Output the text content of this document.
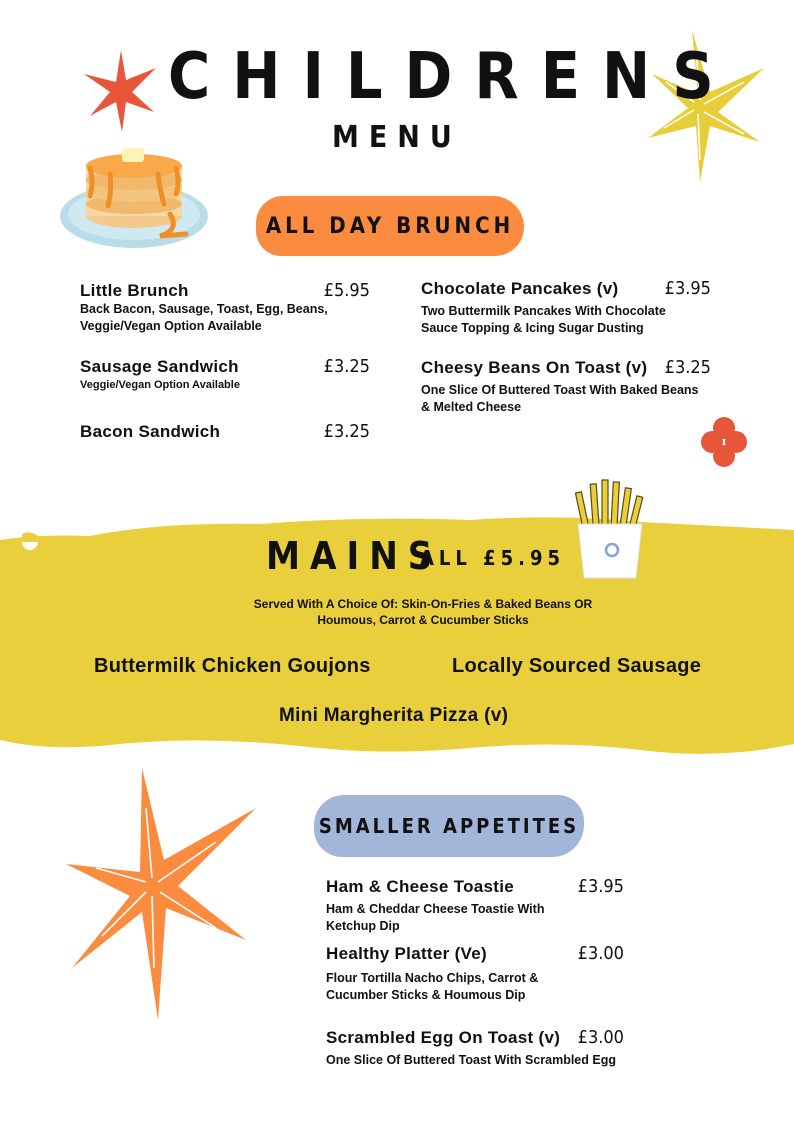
CHILDRENS
MENU
ALL DAY BRUNCH
Little Brunch	£5.95
Back Bacon, Sausage, Toast, Egg, Beans, Veggie/Vegan Option Available
Sausage Sandwich	£3.25
Veggie/Vegan Option Available
Bacon Sandwich	£3.25
Chocolate Pancakes (v)	£3.95
Two Buttermilk Pancakes With Chocolate Sauce Topping & Icing Sugar Dusting
Cheesy Beans On Toast (v) £3.25
One Slice Of Buttered Toast With Baked Beans & Melted Cheese
MAINS
ALL £5.95
Served With A Choice Of: Skin-On-Fries & Baked Beans OR
Houmous, Carrot & Cucumber Sticks
Buttermilk Chicken Goujons	Locally Sourced Sausage
Mini Margherita Pizza (v)
SMALLER APPETITES
Ham & Cheese Toastie	£3.95
Ham & Cheddar Cheese Toastie With Ketchup Dip
Healthy Platter (Ve)	£3.00
Flour Tortilla Nacho Chips, Carrot & Cucumber Sticks & Houmous Dip
Scrambled Egg On Toast (v) £3.00
One Slice Of Buttered Toast With Scrambled Egg
